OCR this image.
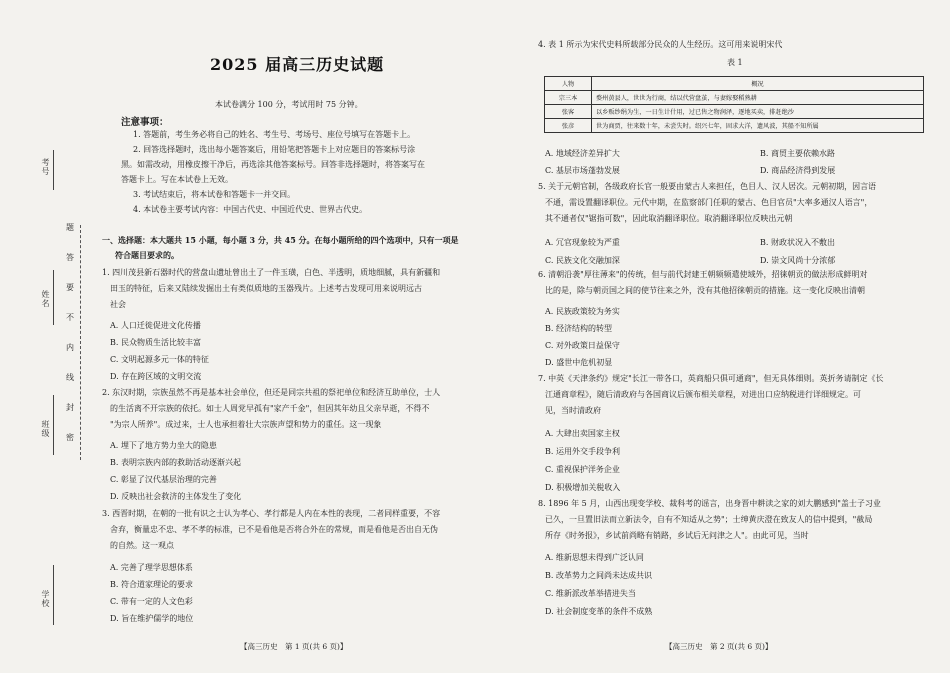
考号
姓名
班级
学校
题
答
要
不
内
线
封
密
2025 届高三历史试题
本试卷满分 100 分，考试用时 75 分钟。
注意事项：
1. 答题前，考生务必将自己的姓名、考生号、考场号、座位号填写在答题卡上。
2. 回答选择题时，选出每小题答案后，用铅笔把答题卡上对应题目的答案标号涂
黑。如需改动，用橡皮擦干净后，再选涂其他答案标号。回答非选择题时，将答案写在
答题卡上。写在本试卷上无效。
3. 考试结束后，将本试卷和答题卡一并交回。
4. 本试卷主要考试内容：中国古代史、中国近代史、世界古代史。
一、选择题：本大题共 15 小题，每小题 3 分，共 45 分。在每小题所给的四个选项中，只有一项是
符合题目要求的。
1. 四川茂县新石器时代的营盘山遗址曾出土了一件玉璜，白色、半透明，质地细腻，具有新疆和
田玉的特征，后来又陆续发掘出土有类似质地的玉器残片。上述考古发现可用来说明远古
社会
A. 人口迁徙促进文化传播
B. 民众物质生活比较丰富
C. 文明起源多元一体的特征
D. 存在跨区域的文明交流
2. 东汉时期，宗族虽然不再是基本社会单位，但还是同宗共祖的祭祀单位和经济互助单位，士人
的生活离不开宗族的依托。如士人周党早孤有"家产千金"，但因其年幼且父亲早逝，不得不
"为宗人所养"。成过来，士人也承担着壮大宗族声望和势力的重任。这一现象
A. 埋下了地方势力坐大的隐患
B. 表明宗族内部的救助活动逐渐兴起
C. 彰显了汉代基层治理的完善
D. 反映出社会救济的主体发生了变化
3. 西晋时期，在朝的一批有识之士认为孝心、孝行都是人内在本性的表现，二者同样重要，不容
舍弃，衡量忠不忠、孝不孝的标准，已不是看他是否将合外在的常规，而是看他是否出自无伪
的自然。这一观点
A. 完善了理学思想体系
B. 符合道家理论的要求
C. 带有一定的人文色彩
D. 旨在维护儒学的地位
4. 表 1 所示为宋代史料所载部分民众的人生经历。这可用来说明宋代
表 1
人物	概况
宗三本	婺州黄县人，世世为行商，结以代营盘茧，与妻嫁娶稻熟耕
张客	以乡贩纱绢为生，一日生计什用，过已售之物润泽，逐地买卖，排赶绝沙
张彦	世为商贾，往来数十年，未尝失时。绍兴七年，固求大洋，遗风波，其船不知所属
A. 地域经济差异扩大	B. 商贸主要依赖水路
C. 基层市场蓬勃发展	D. 商品经济得到发展
5. 关于元朝官制，各级政府长官一般要由蒙古人来担任，色目人、汉人居次。元朝初期，因言语
不通，需设置翻译职位。元代中期，在监察部门任职的蒙古、色目官员"大率多通汉人语言"，
其不通者仅"锯指可数"，因此取消翻译职位。取消翻译职位反映出元朝
A. 冗官现象较为严重	B. 财政状况入不敷出
C. 民族文化交融加深	D. 崇文风尚十分浓郁
6. 清朝沿袭"厚往薄来"的传统，但与前代封建王朝频频遣使域外，招徕朝贡的做法形成鲜明对
比的是，除与朝贡国之间的使节往来之外，没有其他招徕朝贡的措施。这一变化反映出清朝
A. 民族政策较为务实
B. 经济结构的转型
C. 对外政策日益保守
D. 盛世中危机初显
7. 中英《天津条约》规定"长江一带各口，英商船只俱可通商"，但无具体细则。英折务请制定《长
江通商章程》，随后清政府与各国商议后颁布相关章程，对进出口应纳税进行详细规定。可
见，当时清政府
A. 大肆出卖国家主权
B. 运用外交手段争利
C. 重视保护洋务企业
D. 积极增加关税收入
8. 1896 年 5 月，山西出现变学校、裁科考的谣言，出身晋中耕读之家的刘大鹏感到"盖士子习业
已久，一旦置旧法而立新法令，自有不知适从之势"；士绅黄庆澄在致友人的信中提到，"截局
所存《时务报》，乡试前尚略有销路，乡试后无问津之人"。由此可见，当时
A. 维新思想未得到广泛认同
B. 改革势力之间尚未达成共识
C. 维新派改革举措进失当
D. 社会制度变革的条件不成熟
【高三历史　第 1 页(共 6 页)】	【高三历史　第 2 页(共 6 页)】
